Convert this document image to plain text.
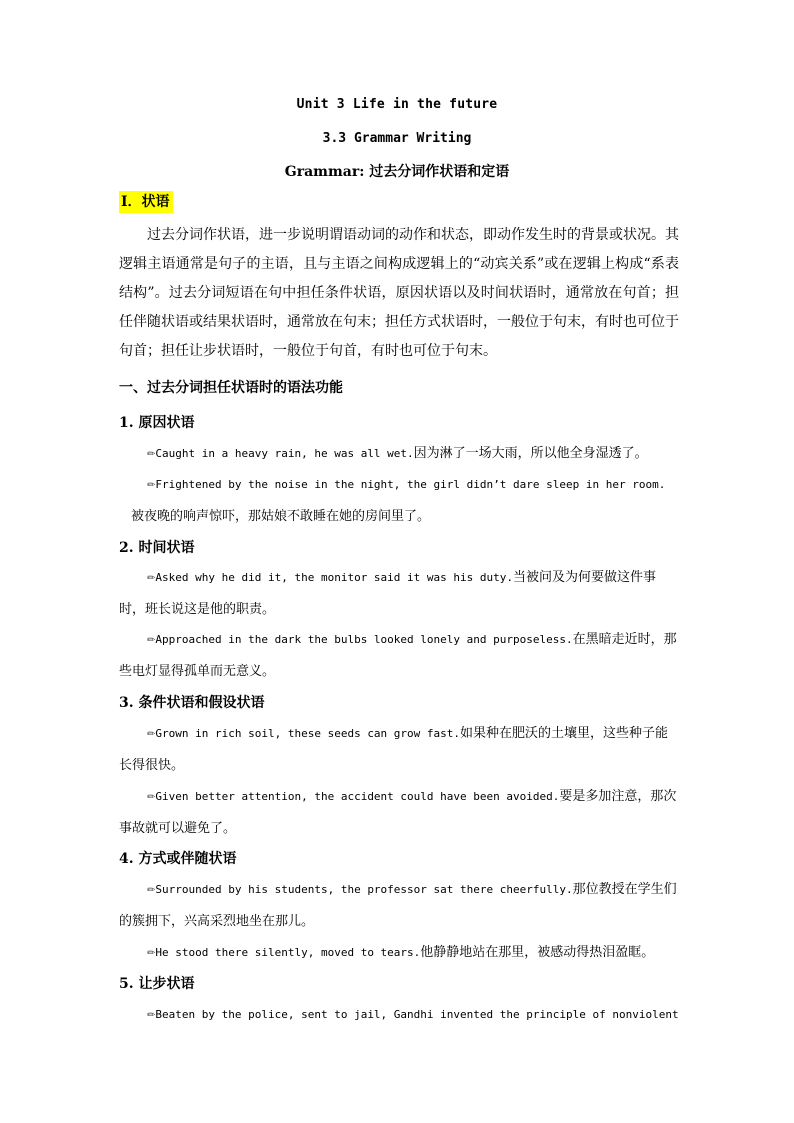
Unit 3 Life in the future
3.3 Grammar Writing
Grammar: 过去分词作状语和定语
Ⅰ．状语

过去分词作状语，进一步说明谓语动词的动作和状态，即动作发生时的背景或状况。其逻辑主语通常是句子的主语，且与主语之间构成逻辑上的“动宾关系”或在逻辑上构成“系表结构”。过去分词短语在句中担任条件状语，原因状语以及时间状语时，通常放在句首；担任伴随状语或结果状语时，通常放在句末；担任方式状语时，一般位于句末，有时也可位于句首；担任让步状语时，一般位于句首，有时也可位于句末。

一、过去分词担任状语时的语法功能
1. 原因状语

✏Caught in a heavy rain, he was all wet.因为淋了一场大雨，所以他全身湿透了。

✏Frightened by the noise in the night, the girl didn’t dare sleep in her room.
被夜晚的响声惊吓，那姑娘不敢睡在她的房间里了。

2. 时间状语

✏Asked why he did it, the monitor said it was his duty.当被问及为何要做这件事时，班长说这是他的职责。

✏Approached in the dark the bulbs looked lonely and purposeless.在黑暗走近时，那些电灯显得孤单而无意义。

3. 条件状语和假设状语

✏Grown in rich soil, these seeds can grow fast.如果种在肥沃的土壤里，这些种子能长得很快。

✏Given better attention, the accident could have been avoided.要是多加注意，那次事故就可以避免了。

4. 方式或伴随状语

✏Surrounded by his students, the professor sat there cheerfully.那位教授在学生们的簇拥下，兴高采烈地坐在那儿。

✏He stood there silently, moved to tears.他静静地站在那里，被感动得热泪盈眶。

5. 让步状语

✏Beaten by the police, sent to jail, Gandhi invented the principle of nonviolent
